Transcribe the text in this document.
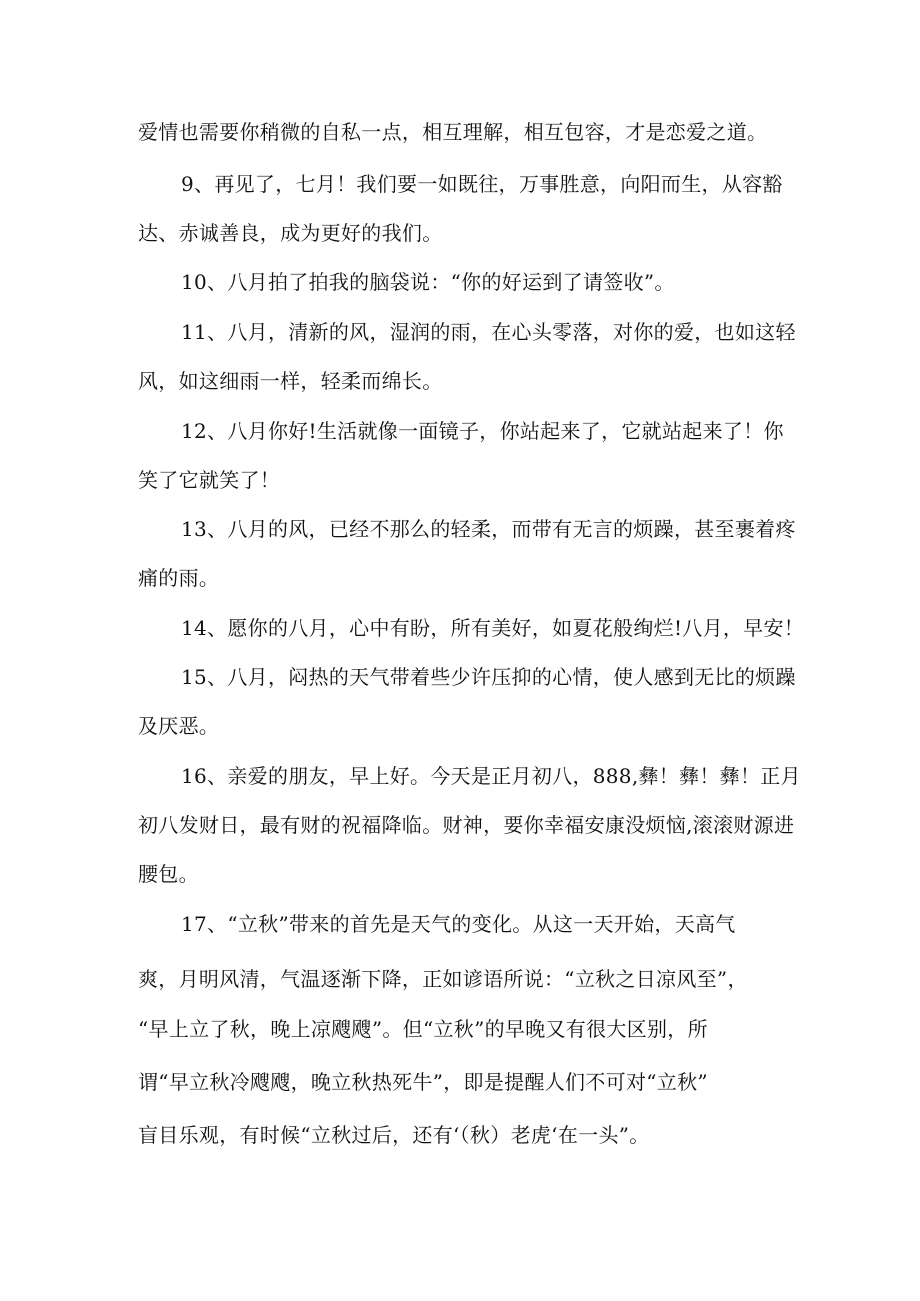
爱情也需要你稍微的自私一点，相互理解，相互包容，才是恋爱之道。
9、再见了，七月！我们要一如既往，万事胜意，向阳而生，从容豁
达、赤诚善良，成为更好的我们。
10、八月拍了拍我的脑袋说：“你的好运到了请签收”。
11、八月，清新的风，湿润的雨，在心头零落，对你的爱，也如这轻
风，如这细雨一样，轻柔而绵长。
12、八月你好!生活就像一面镜子，你站起来了，它就站起来了！你
笑了它就笑了！
13、八月的风，已经不那么的轻柔，而带有无言的烦躁，甚至裹着疼
痛的雨。
14、愿你的八月，心中有盼，所有美好，如夏花般绚烂!八月，早安！
15、八月，闷热的天气带着些少许压抑的心情，使人感到无比的烦躁
及厌恶。
16、亲爱的朋友，早上好。今天是正月初八，888,彝！彝！彝！正月
初八发财日，最有财的祝福降临。财神，要你幸福安康没烦恼,滚滚财源进
腰包。
17、“立秋”带来的首先是天气的变化。从这一天开始，天高气
爽，月明风清，气温逐渐下降，正如谚语所说：“立秋之日凉风至”，
“早上立了秋，晚上凉飕飕”。但“立秋”的早晚又有很大区别，所
谓“早立秋冷飕飕，晚立秋热死牛”，即是提醒人们不可对“立秋”
盲目乐观，有时候“立秋过后，还有‘（秋）老虎‘在一头”。
